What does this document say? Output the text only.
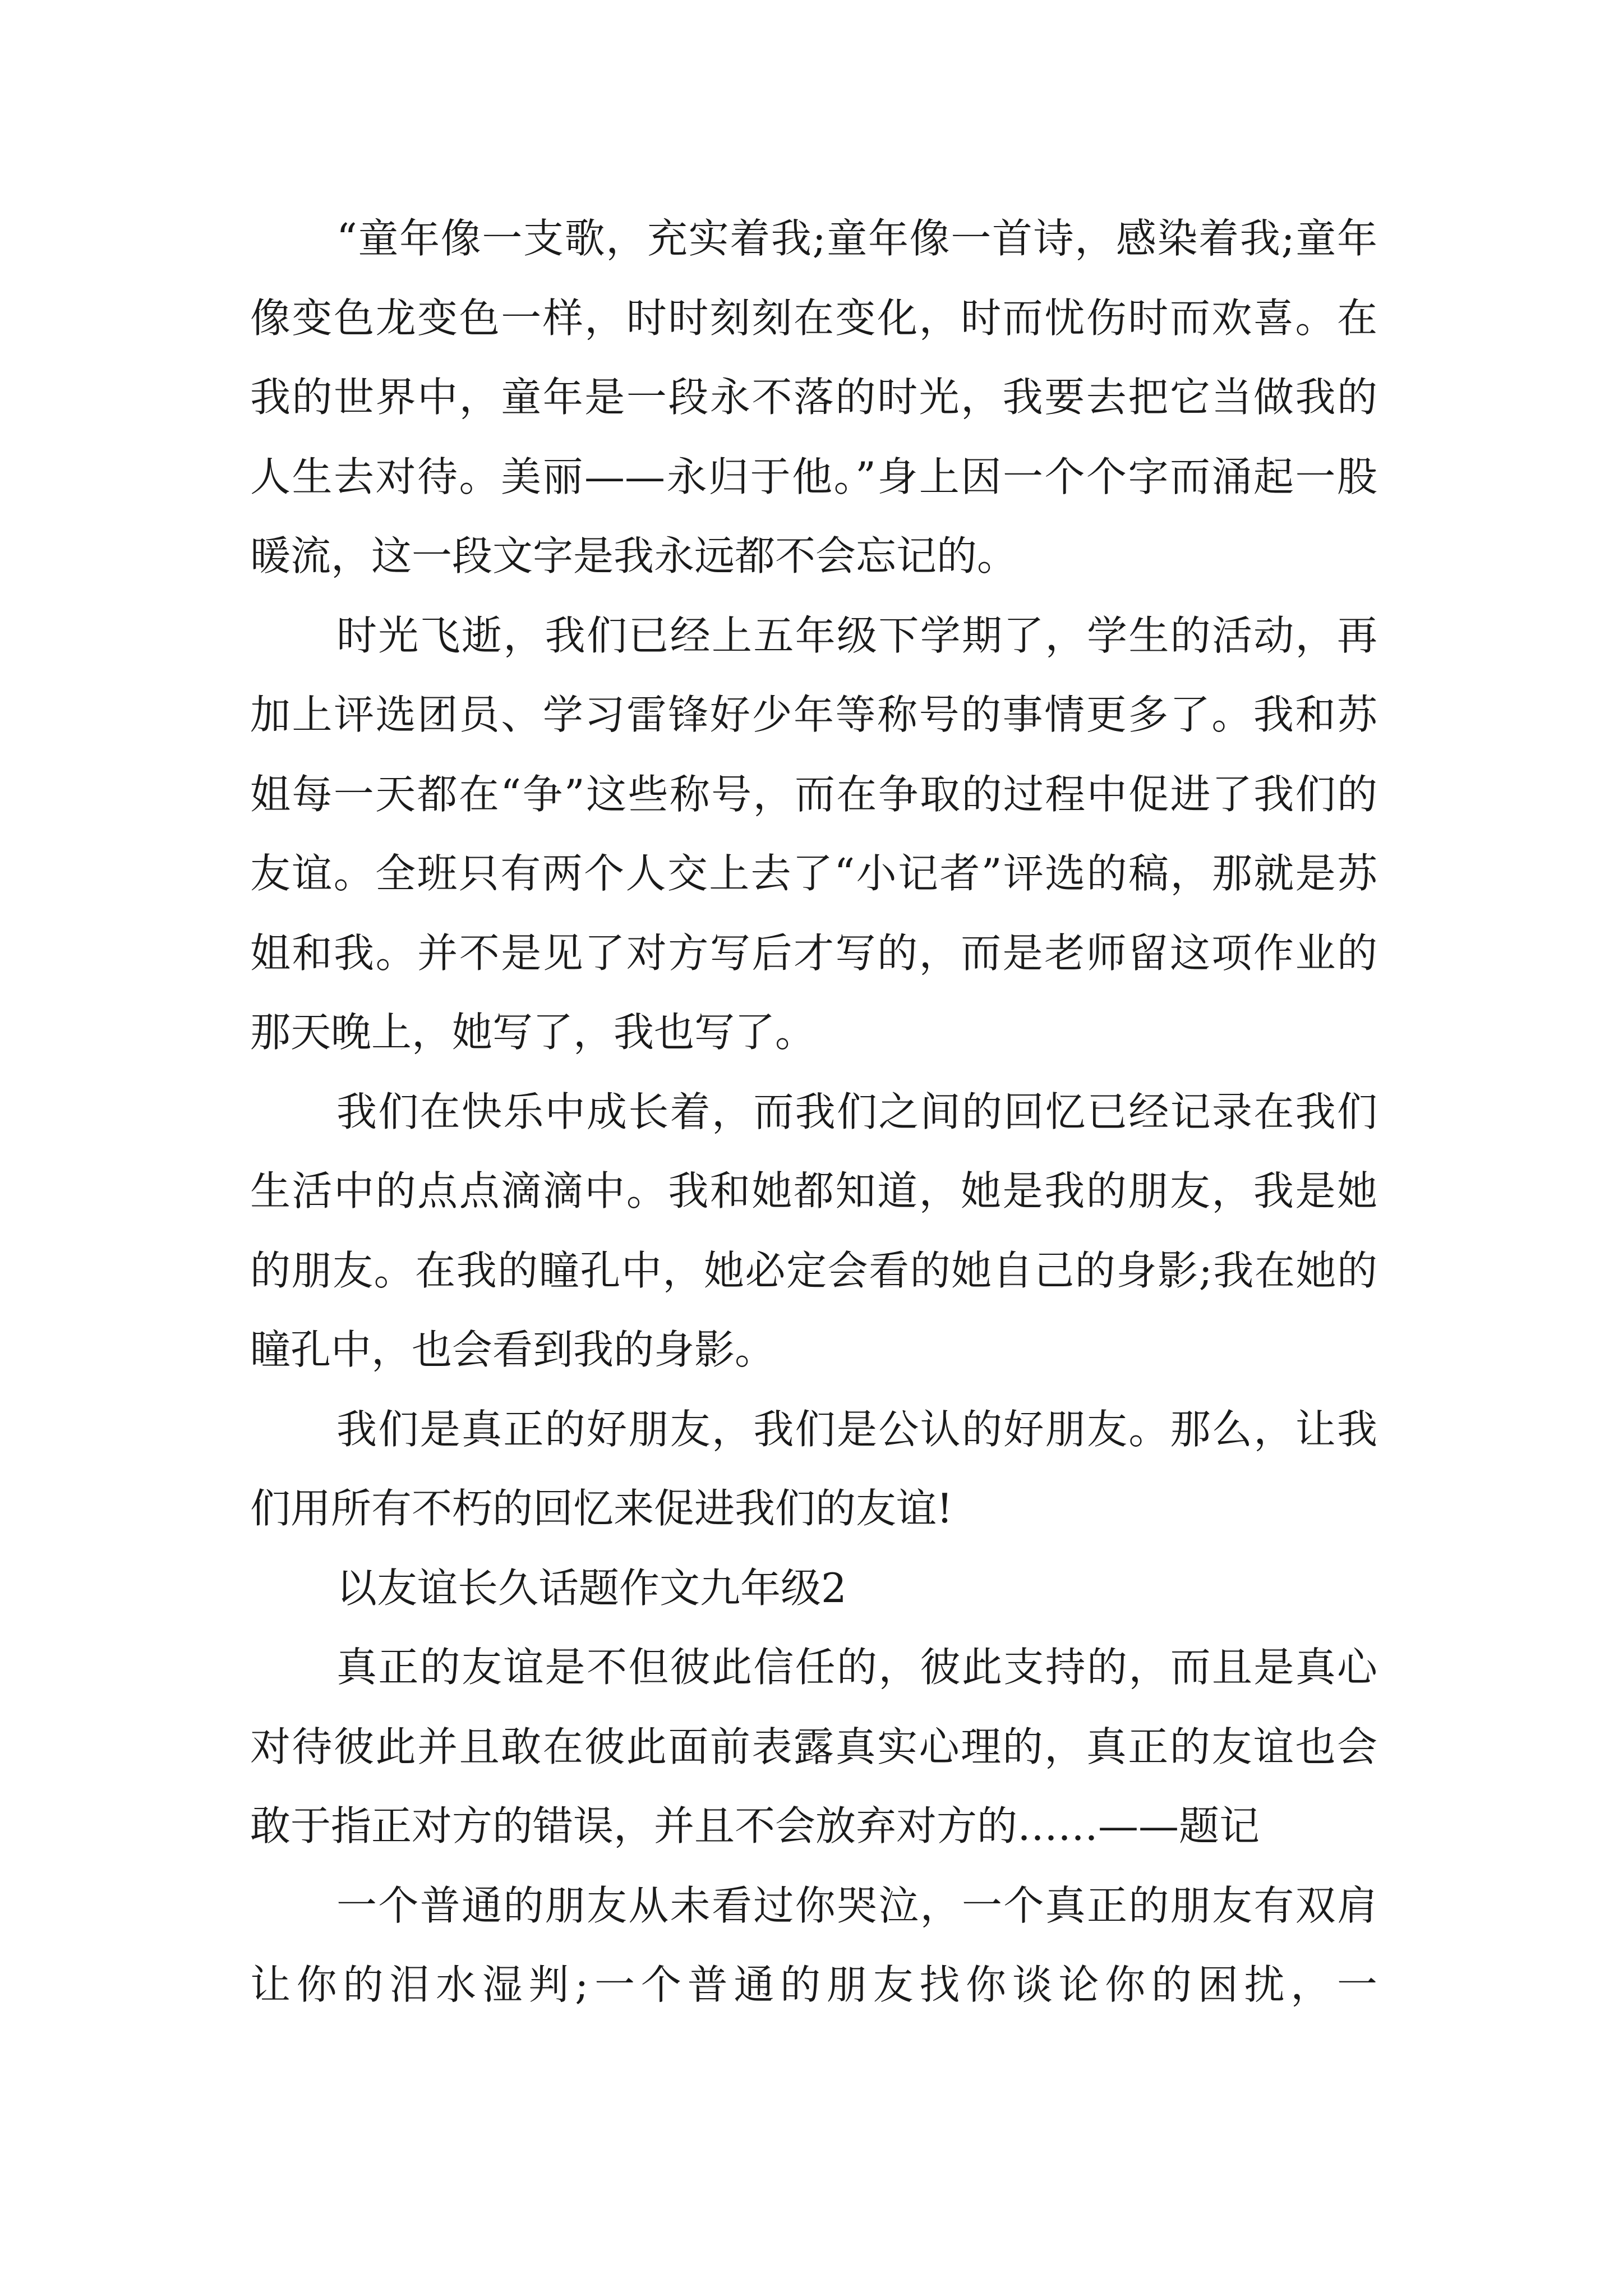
“童年像一支歌，充实着我;童年像一首诗，感染着我;童年像变色龙变色一样，时时刻刻在变化，时而忧伤时而欢喜。在我的世界中，童年是一段永不落的时光，我要去把它当做我的人生去对待。美丽——永归于他。”身上因一个个字而涌起一股暖流，这一段文字是我永远都不会忘记的。

时光飞逝，我们已经上五年级下学期了，学生的活动，再加上评选团员、学习雷锋好少年等称号的事情更多了。我和苏姐每一天都在“争”这些称号，而在争取的过程中促进了我们的友谊。全班只有两个人交上去了“小记者”评选的稿，那就是苏姐和我。并不是见了对方写后才写的，而是老师留这项作业的那天晚上，她写了，我也写了。

我们在快乐中成长着，而我们之间的回忆已经记录在我们生活中的点点滴滴中。我和她都知道，她是我的朋友，我是她的朋友。在我的瞳孔中，她必定会看的她自己的身影;我在她的瞳孔中，也会看到我的身影。

我们是真正的好朋友，我们是公认的好朋友。那么，让我们用所有不朽的回忆来促进我们的友谊!

以友谊长久话题作文九年级2

真正的友谊是不但彼此信任的，彼此支持的，而且是真心对待彼此并且敢在彼此面前表露真实心理的，真正的友谊也会敢于指正对方的错误，并且不会放弃对方的……——题记

一个普通的朋友从未看过你哭泣，一个真正的朋友有双肩让你的泪水湿判;一个普通的朋友找你谈论你的困扰，一
